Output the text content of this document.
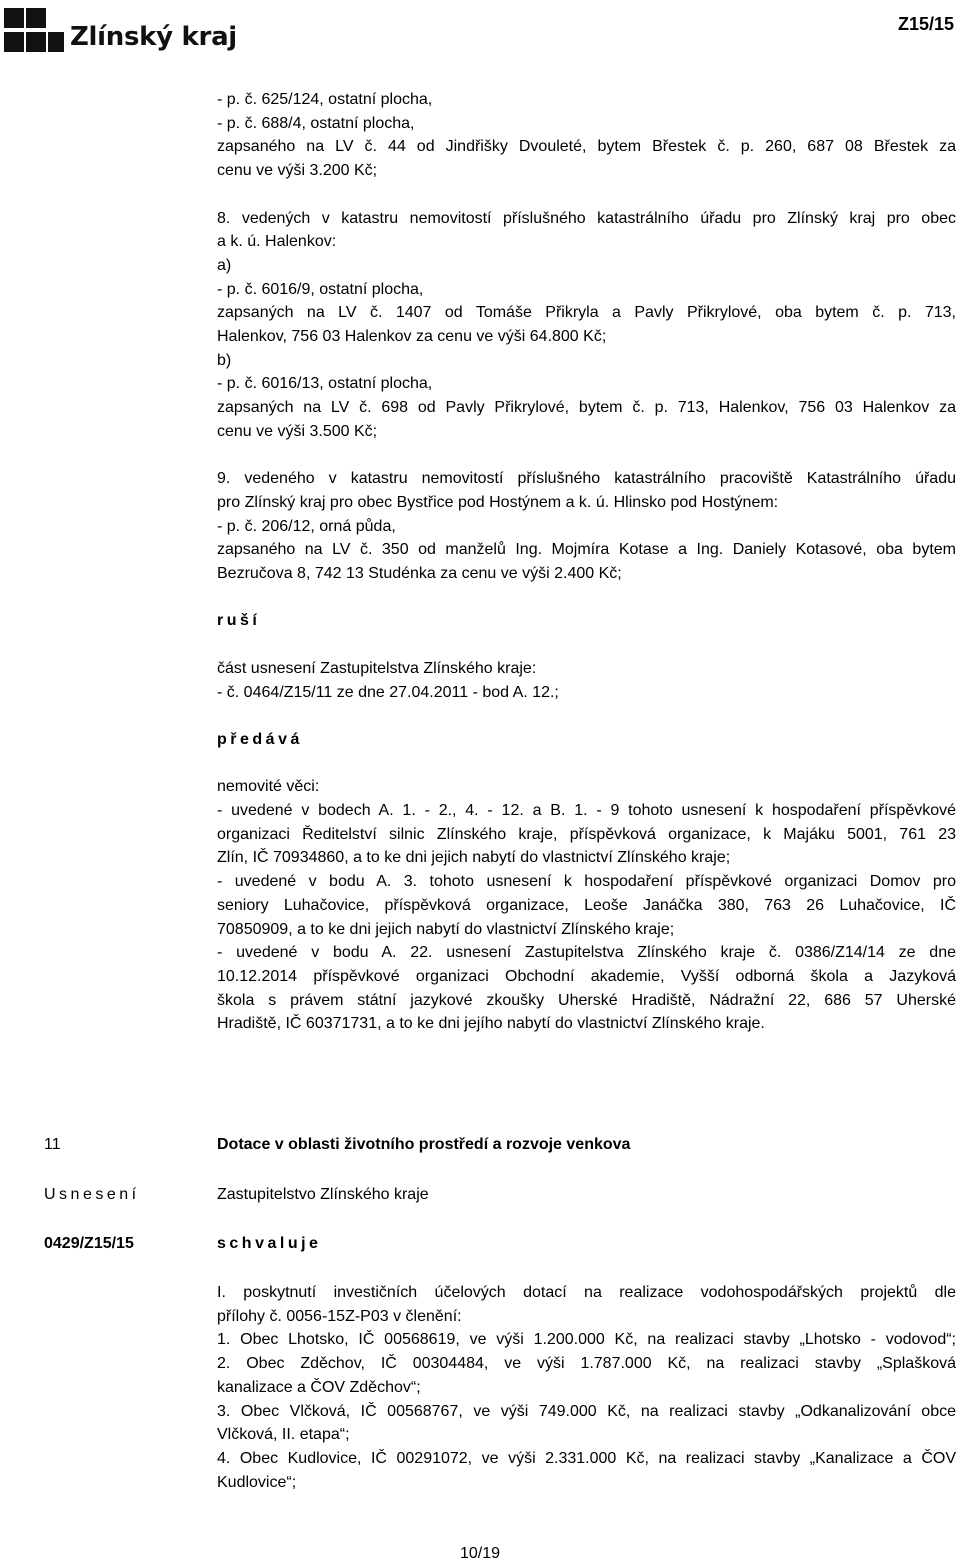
Zlínský kraj	Z15/15
- p. č. 625/124, ostatní plocha,
- p. č. 688/4, ostatní plocha,
zapsaného na LV č. 44 od Jindřišky Dvouleté, bytem Břestek č. p. 260, 687 08 Břestek za
cenu ve výši 3.200 Kč;
8. vedených v katastru nemovitostí příslušného katastrálního úřadu pro Zlínský kraj pro obec
a k. ú. Halenkov:
a)
- p. č. 6016/9, ostatní plocha,
zapsaných na LV č. 1407 od Tomáše Přikryla a Pavly Přikrylové, oba bytem č. p. 713,
Halenkov, 756 03 Halenkov za cenu ve výši 64.800 Kč;
b)
- p. č. 6016/13, ostatní plocha,
zapsaných na LV č. 698 od Pavly Přikrylové, bytem č. p. 713, Halenkov, 756 03 Halenkov za
cenu ve výši 3.500 Kč;
9. vedeného v katastru nemovitostí příslušného katastrálního pracoviště Katastrálního úřadu
pro Zlínský kraj pro obec Bystřice pod Hostýnem a k. ú. Hlinsko pod Hostýnem:
- p. č. 206/12, orná půda,
zapsaného na LV č. 350 od manželů Ing. Mojmíra Kotase a Ing. Daniely Kotasové, oba bytem
Bezručova 8, 742 13 Studénka za cenu ve výši 2.400 Kč;
ruší
část usnesení Zastupitelstva Zlínského kraje:
- č. 0464/Z15/11 ze dne 27.04.2011 - bod A. 12.;
předává
nemovité věci:
- uvedené v bodech A. 1. - 2., 4. - 12. a B. 1. - 9 tohoto usnesení k hospodaření příspěvkové
organizaci Ředitelství silnic Zlínského kraje, příspěvková organizace, k Majáku 5001, 761 23
Zlín, IČ 70934860, a to ke dni jejich nabytí do vlastnictví Zlínského kraje;
- uvedené v bodu A. 3. tohoto usnesení k hospodaření příspěvkové organizaci Domov pro
seniory Luhačovice, příspěvková organizace, Leoše Janáčka 380, 763 26 Luhačovice, IČ
70850909, a to ke dni jejich nabytí do vlastnictví Zlínského kraje;
- uvedené v bodu A. 22. usnesení Zastupitelstva Zlínského kraje č. 0386/Z14/14 ze dne
10.12.2014 příspěvkové organizaci Obchodní akademie, Vyšší odborná škola a Jazyková
škola s právem státní jazykové zkoušky Uherské Hradiště, Nádražní 22, 686 57 Uherské
Hradiště, IČ 60371731, a to ke dni jejího nabytí do vlastnictví Zlínského kraje.
11	Dotace v oblasti životního prostředí a rozvoje venkova
Usnesení	Zastupitelstvo Zlínského kraje
0429/Z15/15	schvaluje
I. poskytnutí investičních účelových dotací na realizace vodohospodářských projektů dle
přílohy č. 0056-15Z-P03 v členění:
1. Obec Lhotsko, IČ 00568619, ve výši 1.200.000 Kč, na realizaci stavby „Lhotsko - vodovod“;
2. Obec Zděchov, IČ 00304484, ve výši 1.787.000 Kč, na realizaci stavby „Splašková
kanalizace a ČOV Zděchov“;
3. Obec Vlčková, IČ 00568767, ve výši 749.000 Kč, na realizaci stavby „Odkanalizování obce
Vlčková, II. etapa“;
4. Obec Kudlovice, IČ 00291072, ve výši 2.331.000 Kč, na realizaci stavby „Kanalizace a ČOV
Kudlovice“;
10/19
